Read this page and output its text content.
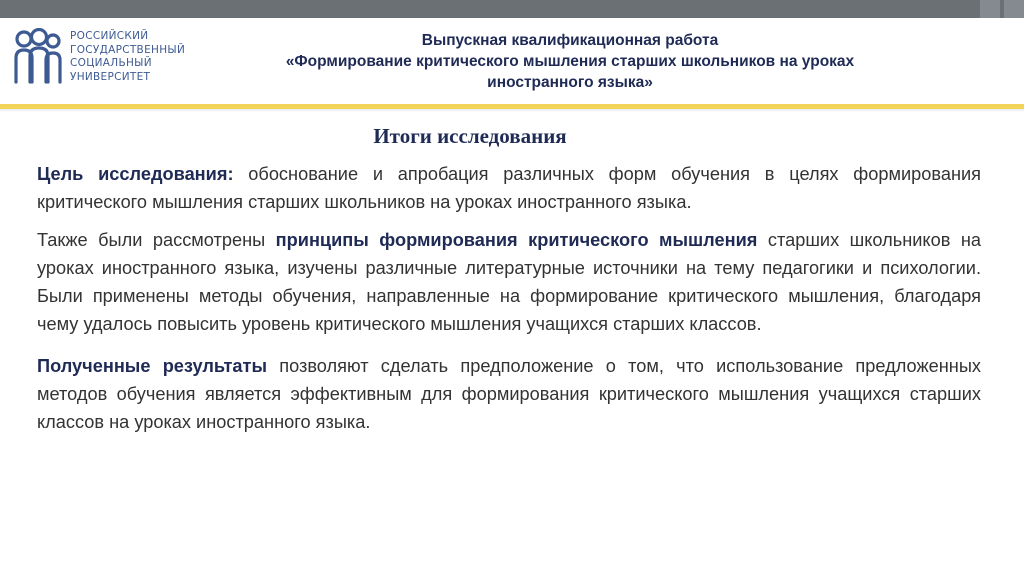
РОССИЙСКИЙ
ГОСУДАРСТВЕННЫЙ
СОЦИАЛЬНЫЙ
УНИВЕРСИТЕТ
Выпускная квалификационная работа
«Формирование критического мышления старших школьников на уроках
иностранного языка»
Итоги исследования

Цель исследования: обоснование и апробация различных форм обучения в целях формирования критического мышления старших школьников на уроках иностранного языка.

Также были рассмотрены принципы формирования критического мышления старших школьников на уроках иностранного языка, изучены различные литературные источники на тему педагогики и психологии. Были применены методы обучения, направленные на формирование критического мышления, благодаря чему удалось повысить уровень критического мышления учащихся старших классов.

Полученные результаты позволяют сделать предположение о том, что использование предложенных методов обучения является эффективным для формирования критического мышления учащихся старших классов на уроках иностранного языка.
